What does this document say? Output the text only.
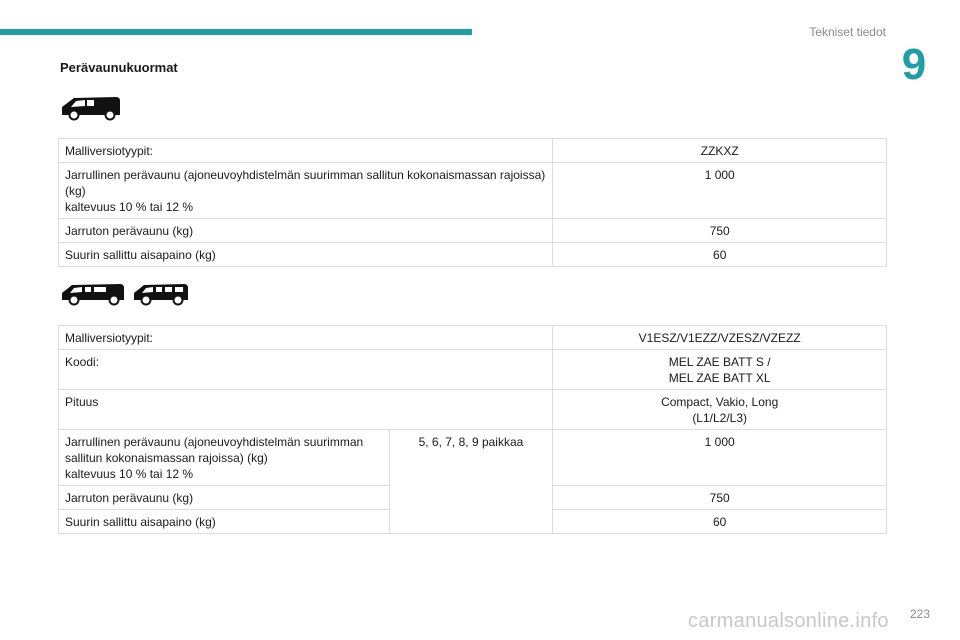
Tekniset tiedot
9
Perävaunukuormat
Malliversiotyypit:	ZZKXZ

Jarrullinen perävaunu (ajoneuvoyhdistelmän suurimman sallitun kokonaismassan rajoissa) (kg)
kaltevuus 10 % tai 12 %	1 000
Jarruton perävaunu (kg)	750
Suurin sallittu aisapaino (kg)	60
Malliversiotyypit:		V1ESZ/V1EZZ/VZESZ/VZEZZ
Koodi:		MEL ZAE BATT S /
MEL ZAE BATT XL

Pituus		Compact, Vakio, Long
(L1/L2/L3)

Jarrullinen perävaunu (ajoneuvoyhdistelmän suurimman sallitun kokonaismassan rajoissa) (kg)
kaltevuus 10 % tai 12 %	5, 6, 7, 8, 9 paikkaa	1 000
Jarruton perävaunu (kg)		750
Suurin sallittu aisapaino (kg)		60
223
carmanualsonline.info
